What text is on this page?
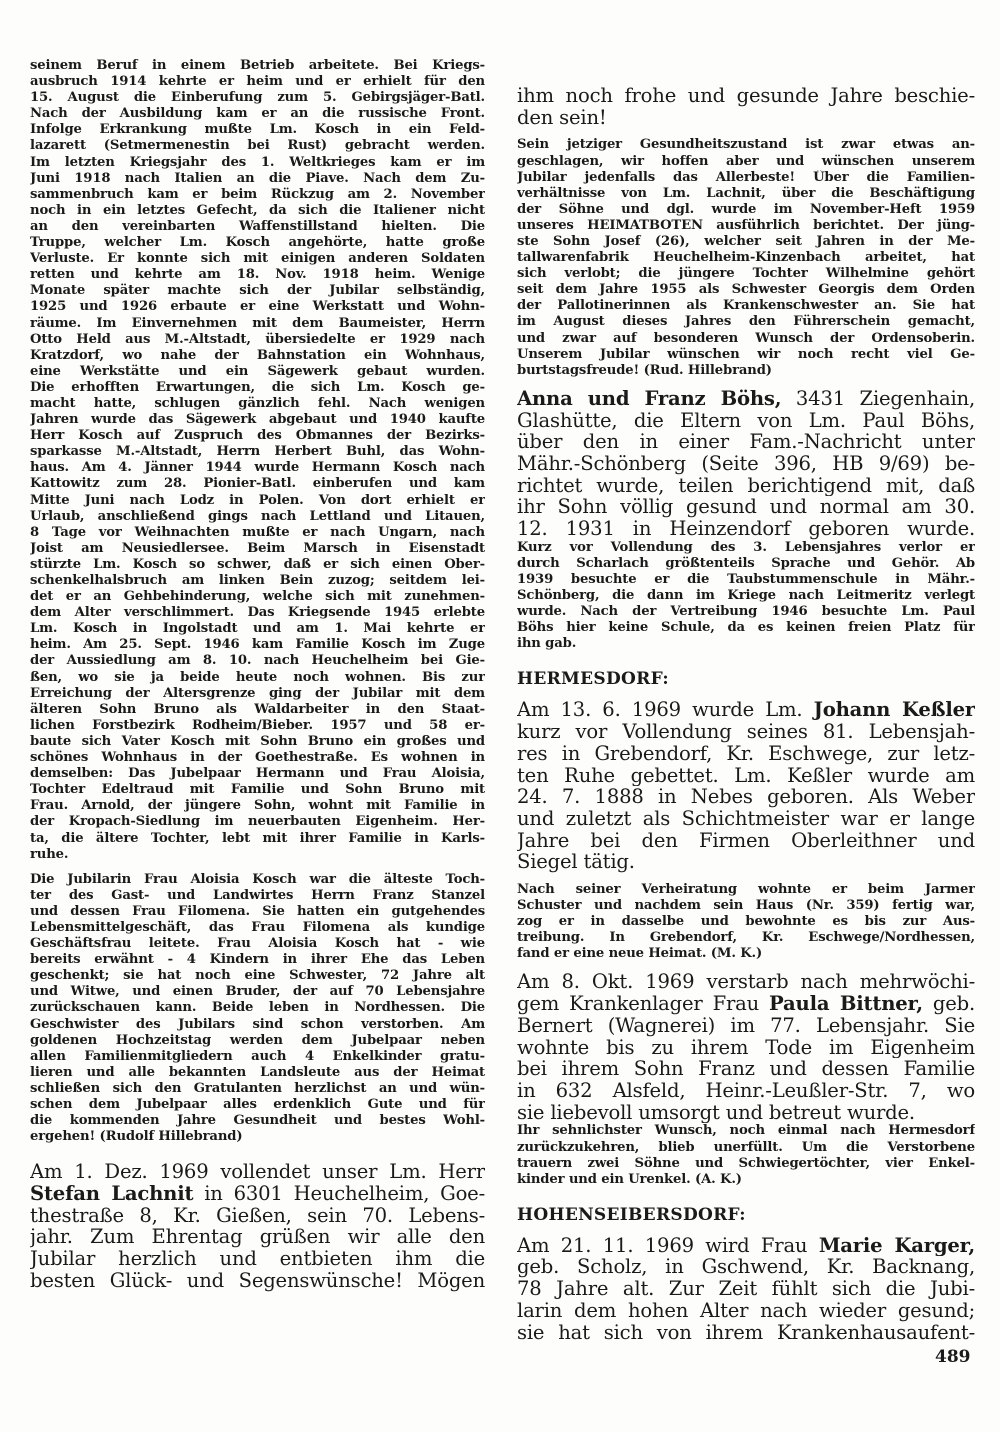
seinem Beruf in einem Betrieb arbeitete. Bei Kriegs-
ausbruch 1914 kehrte er heim und er erhielt für den
15. August die Einberufung zum 5. Gebirgsjäger-Batl.
Nach der Ausbildung kam er an die russische Front.
Infolge Erkrankung mußte Lm. Kosch in ein Feld-
lazarett (Setmermenestin bei Rust) gebracht werden.
Im letzten Kriegsjahr des 1. Weltkrieges kam er im
Juni 1918 nach Italien an die Piave. Nach dem Zu-
sammenbruch kam er beim Rückzug am 2. November
noch in ein letztes Gefecht, da sich die Italiener nicht
an den vereinbarten Waffenstillstand hielten. Die
Truppe, welcher Lm. Kosch angehörte, hatte große
Verluste. Er konnte sich mit einigen anderen Soldaten
retten und kehrte am 18. Nov. 1918 heim. Wenige
Monate später machte sich der Jubilar selbständig,
1925 und 1926 erbaute er eine Werkstatt und Wohn-
räume. Im Einvernehmen mit dem Baumeister, Herrn
Otto Held aus M.-Altstadt, übersiedelte er 1929 nach
Kratzdorf, wo nahe der Bahnstation ein Wohnhaus,
eine Werkstätte und ein Sägewerk gebaut wurden.
Die erhofften Erwartungen, die sich Lm. Kosch ge-
macht hatte, schlugen gänzlich fehl. Nach wenigen
Jahren wurde das Sägewerk abgebaut und 1940 kaufte
Herr Kosch auf Zuspruch des Obmannes der Bezirks-
sparkasse M.-Altstadt, Herrn Herbert Buhl, das Wohn-
haus. Am 4. Jänner 1944 wurde Hermann Kosch nach
Kattowitz zum 28. Pionier-Batl. einberufen und kam
Mitte Juni nach Lodz in Polen. Von dort erhielt er
Urlaub, anschließend gings nach Lettland und Litauen,
8 Tage vor Weihnachten mußte er nach Ungarn, nach
Joist am Neusiedlersee. Beim Marsch in Eisenstadt
stürzte Lm. Kosch so schwer, daß er sich einen Ober-
schenkelhalsbruch am linken Bein zuzog; seitdem lei-
det er an Gehbehinderung, welche sich mit zunehmen-
dem Alter verschlimmert. Das Kriegsende 1945 erlebte
Lm. Kosch in Ingolstadt und am 1. Mai kehrte er
heim. Am 25. Sept. 1946 kam Familie Kosch im Zuge
der Aussiedlung am 8. 10. nach Heuchelheim bei Gie-
ßen, wo sie ja beide heute noch wohnen. Bis zur
Erreichung der Altersgrenze ging der Jubilar mit dem
älteren Sohn Bruno als Waldarbeiter in den Staat-
lichen Forstbezirk Rodheim/Bieber. 1957 und 58 er-
baute sich Vater Kosch mit Sohn Bruno ein großes und
schönes Wohnhaus in der Goethestraße. Es wohnen in
demselben: Das Jubelpaar Hermann und Frau Aloisia,
Tochter Edeltraud mit Familie und Sohn Bruno mit
Frau. Arnold, der jüngere Sohn, wohnt mit Familie in
der Kropach-Siedlung im neuerbauten Eigenheim. Her-
ta, die ältere Tochter, lebt mit ihrer Familie in Karls-
ruhe.
Die Jubilarin Frau Aloisia Kosch war die älteste Toch-
ter des Gast- und Landwirtes Herrn Franz Stanzel
und dessen Frau Filomena. Sie hatten ein gutgehendes
Lebensmittelgeschäft, das Frau Filomena als kundige
Geschäftsfrau leitete. Frau Aloisia Kosch hat - wie
bereits erwähnt - 4 Kindern in ihrer Ehe das Leben
geschenkt; sie hat noch eine Schwester, 72 Jahre alt
und Witwe, und einen Bruder, der auf 70 Lebensjahre
zurückschauen kann. Beide leben in Nordhessen. Die
Geschwister des Jubilars sind schon verstorben. Am
goldenen Hochzeitstag werden dem Jubelpaar neben
allen Familienmitgliedern auch 4 Enkelkinder gratu-
lieren und alle bekannten Landsleute aus der Heimat
schließen sich den Gratulanten herzlichst an und wün-
schen dem Jubelpaar alles erdenklich Gute und für
die kommenden Jahre Gesundheit und bestes Wohl-
ergehen! (Rudolf Hillebrand)
Am 1. Dez. 1969 vollendet unser Lm. Herr
Stefan Lachnit in 6301 Heuchelheim, Goe-
thestraße 8, Kr. Gießen, sein 70. Lebens-
jahr. Zum Ehrentag grüßen wir alle den
Jubilar herzlich und entbieten ihm die
besten Glück- und Segenswünsche! Mögen
ihm noch frohe und gesunde Jahre beschie-
den sein!
Sein jetziger Gesundheitszustand ist zwar etwas an-
geschlagen, wir hoffen aber und wünschen unserem
Jubilar jedenfalls das Allerbeste! Über die Familien-
verhältnisse von Lm. Lachnit, über die Beschäftigung
der Söhne und dgl. wurde im November-Heft 1959
unseres HEIMATBOTEN ausführlich berichtet. Der jüng-
ste Sohn Josef (26), welcher seit Jahren in der Me-
tallwarenfabrik Heuchelheim-Kinzenbach arbeitet, hat
sich verlobt; die jüngere Tochter Wilhelmine gehört
seit dem Jahre 1955 als Schwester Georgis dem Orden
der Pallotinerinnen als Krankenschwester an. Sie hat
im August dieses Jahres den Führerschein gemacht,
und zwar auf besonderen Wunsch der Ordensoberin.
Unserem Jubilar wünschen wir noch recht viel Ge-
burtstagsfreude! (Rud. Hillebrand)
Anna und Franz Böhs, 3431 Ziegenhain,
Glashütte, die Eltern von Lm. Paul Böhs,
über den in einer Fam.-Nachricht unter
Mähr.-Schönberg (Seite 396, HB 9/69) be-
richtet wurde, teilen berichtigend mit, daß
ihr Sohn völlig gesund und normal am 30.
12. 1931 in Heinzendorf geboren wurde.
Kurz vor Vollendung des 3. Lebensjahres verlor er
durch Scharlach größtenteils Sprache und Gehör. Ab
1939 besuchte er die Taubstummenschule in Mähr.-
Schönberg, die dann im Kriege nach Leitmeritz verlegt
wurde. Nach der Vertreibung 1946 besuchte Lm. Paul
Böhs hier keine Schule, da es keinen freien Platz für
ihn gab.
HERMESDORF:
Am 13. 6. 1969 wurde Lm. Johann Keßler
kurz vor Vollendung seines 81. Lebensjah-
res in Grebendorf, Kr. Eschwege, zur letz-
ten Ruhe gebettet. Lm. Keßler wurde am
24. 7. 1888 in Nebes geboren. Als Weber
und zuletzt als Schichtmeister war er lange
Jahre bei den Firmen Oberleithner und
Siegel tätig.
Nach seiner Verheiratung wohnte er beim Jarmer
Schuster und nachdem sein Haus (Nr. 359) fertig war,
zog er in dasselbe und bewohnte es bis zur Aus-
treibung. In Grebendorf, Kr. Eschwege/Nordhessen,
fand er eine neue Heimat. (M. K.)
Am 8. Okt. 1969 verstarb nach mehrwöchi-
gem Krankenlager Frau Paula Bittner, geb.
Bernert (Wagnerei) im 77. Lebensjahr. Sie
wohnte bis zu ihrem Tode im Eigenheim
bei ihrem Sohn Franz und dessen Familie
in 632 Alsfeld, Heinr.-Leußler-Str. 7, wo
sie liebevoll umsorgt und betreut wurde.
Ihr sehnlichster Wunsch, noch einmal nach Hermesdorf
zurückzukehren, blieb unerfüllt. Um die Verstorbene
trauern zwei Söhne und Schwiegertöchter, vier Enkel-
kinder und ein Urenkel. (A. K.)
HOHENSEIBERSDORF:
Am 21. 11. 1969 wird Frau Marie Karger,
geb. Scholz, in Gschwend, Kr. Backnang,
78 Jahre alt. Zur Zeit fühlt sich die Jubi-
larin dem hohen Alter nach wieder gesund;
sie hat sich von ihrem Krankenhausaufent-
489
